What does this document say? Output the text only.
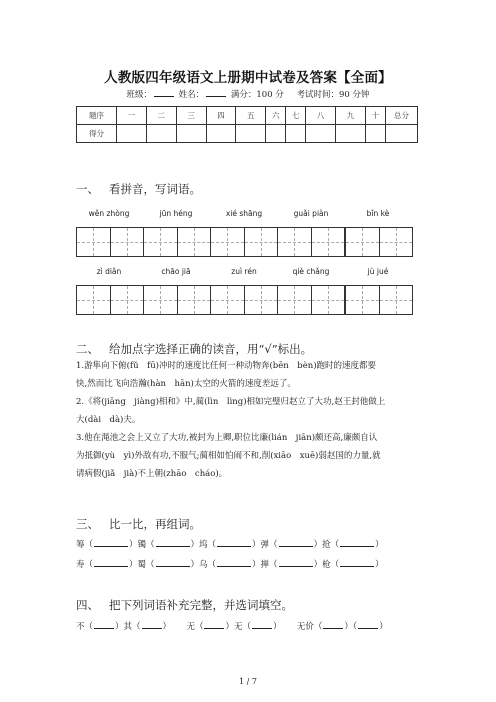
人教版四年级语文上册期中试卷及答案【全面】
班级：	姓名：	满分：100 分 考试时间：90 分钟
题序	一	二	三	四	五	六	七	八	九	十	总分
得分											
一、 看拼音，写词语。
wěn zhòng	jūn héng	xié shāng	guǎi piàn	bǐn kè
zì diǎn	chāo jiā	zuì rén	qiè chǎng	jù jué
二、 给加点字选择正确的读音，用“√”标出。
1.游隼向下俯(fǔ　fū)冲时的速度比任何一种动物奔(bēn　bèn)跑时的速度都要
快,然而比飞向浩瀚(hàn　hān)太空的火箭的速度差远了。
2.《将(jiāng　jiàng)相和》中,蔺(lìn　lìng)相如完璧归赵立了大功,赵王封他做上
大(dài　dà)夫。
3.他在渑池之会上又立了大功,被封为上卿,职位比廉(lián　jiān)颇还高,廉颇自认
为抵御(yù　yì)外敌有功,不服气;蔺相如怕闹不和,削(xiāo　xuē)弱赵国的力量,就
请病假(jiǎ　jià)不上朝(zhāo　cháo)。
三、 比一比，再组词。
筹（	）镯（	）坞（	）弹（	）抢（	）
寿（	）蜀（	）乌（	）掸（	）枪（	）
四、 把下列词语补充完整，并选词填空。
不（	）其（	） 无（	）无（	） 无价（	）（	）
1 / 7
